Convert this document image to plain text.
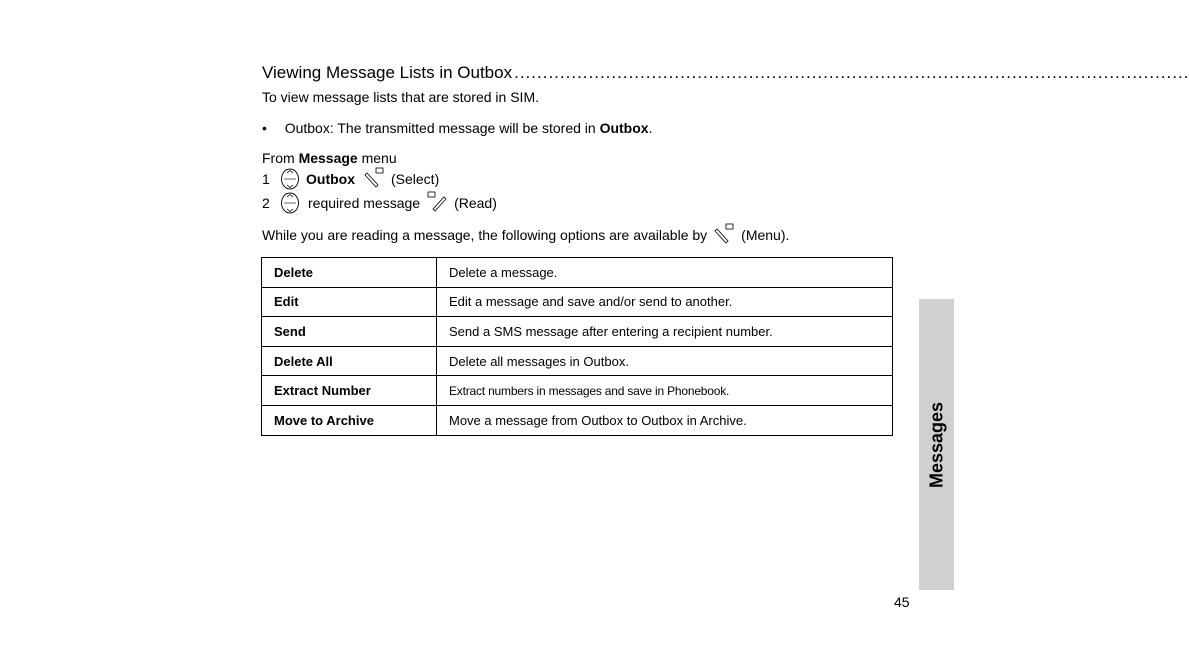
Viewing Message Lists in Outbox ......................................................................................................................
To view message lists that are stored in SIM.
• Outbox: The transmitted message will be stored in Outbox.
From Message menu
1	Outbox	(Select)
2	required message (Read)
While you are reading a message, the following options are available by (Menu).
Delete	Delete a message.
Edit	Edit a message and save and/or send to another.
Send	Send a SMS message after entering a recipient number.
Delete All	Delete all messages in Outbox.
Extract Number	Extract numbers in messages and save in Phonebook.
Move to Archive	Move a message from Outbox to Outbox in Archive.	Messages
45
